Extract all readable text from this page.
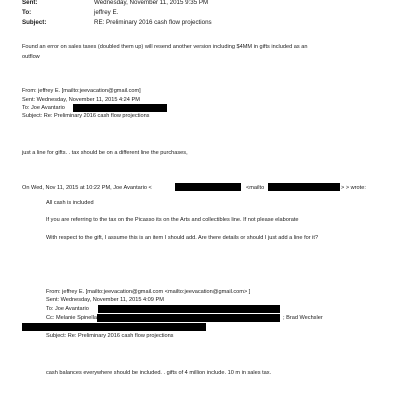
Sent:	Wednesday, November 11, 2015 9:35 PM
To:	jeffrey E.
Subject:	RE: Preliminary 2016 cash flow projections
Found an error on sales taxes (doubled them up) will resend another version including $4MM in gifts included as an
outflow
From: jeffrey E. [mailto:jeevacation@gmail.com]
Sent: Wednesday, November 11, 2015 4:24 PM
To: Joe Avantario
Subject: Re: Preliminary 2016 cash flow projections
just a line for gifts. . tax should be on a different line the purchases,
On Wed, Nov 11, 2015 at 10:22 PM, Joe Avantario <	<mailto	> > wrote:
All cash is included
If you are referring to the tax on the Picasso its on the Arts and collectibles line. If not please elaborate
With respect to the gift, I assume this is an item I should add. Are there details or should I just add a line for it?
From: jeffrey E. [mailto:jeevacation@gmail.com <mailto:jeevacation@gmail.com> ]
Sent: Wednesday, November 11, 2015 4:09 PM
To: Joe Avantario
Cc: Melanie Spinella	; Brad Wechsler
Subject: Re: Preliminary 2016 cash flow projections
cash balances everywhere should be included. . gifts of 4 million include. 10 m in sales tax.
